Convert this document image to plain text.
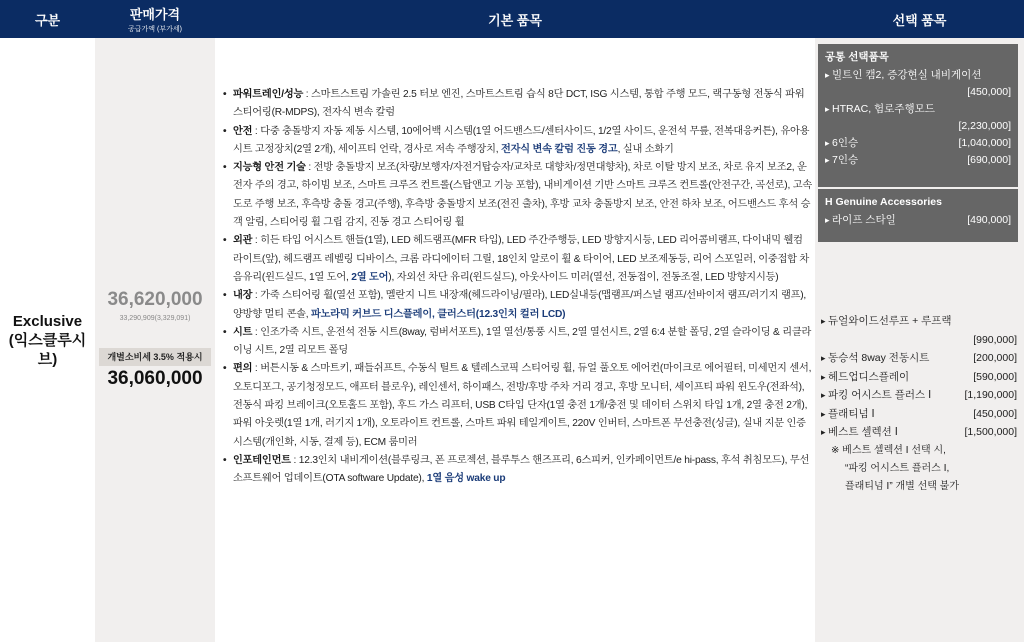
구분	판매가격
공급가액 (부가세)
기본 품목	선택 품목
Exclusive
(익스클루시브)
36,620,000
33,290,909(3,329,091)
개별소비세 3.5% 적용시
36,060,000
• 파워트레인/성능 : 스마트스트림 가솔린 2.5 터보 엔진, 스마트스트림 습식 8단 DCT, ISG 시스템, 통합 주행 모드, 랙구동형 전동식 파워 스티어링(R-MDPS), 전자식 변속 칼럼
• 안전 : 다중 충돌방지 자동 제동 시스템, 10에어백 시스템(1열 어드밴스드/센터사이드, 1/2열 사이드, 운전석 무릎, 전복대응커튼), 유아용 시트 고정장치(2열 2개), 세이프티 언락, 경사로 저속 주행장치, 전자식 변속 칼럼 진동 경고, 실내 소화기
• 지능형 안전 기술 : 전방 충돌방지 보조(차량/보행자/자전거탑승자/교차로 대향차/정면대향차), 차로 이탈 방지 보조, 차로 유지 보조2, 운전자 주의 경고, 하이빔 보조, 스마트 크루즈 컨트롤(스탑앤고 기능 포함), 내비게이션 기반 스마트 크루즈 컨트롤(안전구간, 곡선로), 고속도로 주행 보조, 후측방 충돌 경고(주행), 후측방 충돌방지 보조(전진 출차), 후방 교차 충돌방지 보조, 안전 하차 보조, 어드밴스드 후석 승객 알림, 스티어링 휠 그립 감지, 진동 경고 스티어링 휠
• 외관 : 히든 타입 어시스트 핸들(1열), LED 헤드램프(MFR 타입), LED 주간주행등, LED 방향지시등, LED 리어콤비램프, 다이내믹 웰컴 라이트(앞), 헤드램프 레벨링 디바이스, 크롬 라디에이터 그릴, 18인치 알로이 휠 & 타이어, LED 보조제동등, 리어 스포일러, 이중접합 차음유리(윈드실드, 1열 도어, 2열 도어), 자외선 차단 유리(윈드실드), 아웃사이드 미러(열선, 전동접이, 전동조절, LED 방향지시등)
• 내장 : 가죽 스티어링 휠(열선 포함), 멜란지 니트 내장재(헤드라이닝/필라), LED실내등(맵램프/퍼스널 램프/선바이저 램프/러기지 램프), 양방향 멀티 콘솔, 파노라믹 커브드 디스플레이, 클러스터(12.3인치 컬러 LCD)
• 시트 : 인조가죽 시트, 운전석 전동 시트(8way, 럼버서포트), 1열 열선/통풍 시트, 2열 열선시트, 2열 6:4 분할 폴딩, 2열 슬라이딩 & 리클라이닝 시트, 2열 리모트 폴딩
• 편의 : 버튼시동 & 스마트키, 패들쉬프트, 수동식 틸트 & 텔레스코픽 스티어링 휠, 듀얼 풀오토 에어컨(마이크로 에어필터, 미세먼지 센서, 오토디포그, 공기청정모드, 애프터 블로우), 레인센서, 하이패스, 전방/후방 주차 거리 경고, 후방 모니터, 세이프티 파워 윈도우(전좌석), 전동식 파킹 브레이크(오토홀드 포함), 후드 가스 리프터, USB C타입 단자(1열 충전 1개/충전 및 데이터 스위치 타입 1개, 2열 충전 2개), 파워 아웃렛(1열 1개, 러기지 1개), 오토라이트 컨트롤, 스마트 파워 테일게이트, 220V 인버터, 스마트폰 무선충전(싱글), 실내 지문 인증 시스템(개인화, 시동, 결제 등), ECM 룸미러
• 인포테인먼트 : 12.3인치 내비게이션(블루링크, 폰 프로젝션, 블루투스 핸즈프리, 6스피커, 인카페이먼트/e hi-pass, 후석 취침모드), 무선 소프트웨어 업데이트(OTA software Update), 1열 음성 wake up
공통 선택품목
▸ 빌트인 캠2, 증강현실 내비게이션
[450,000]
▸ HTRAC, 험로주행모드
[2,230,000]
▸ 6인승	[1,040,000]
▸ 7인승	[690,000]
H Genuine Accessories
▸ 라이프 스타일	[490,000]
▸ 듀얼와이드선루프 + 루프랙
[990,000]
▸ 동승석 8way 전동시트	[200,000]
▸ 헤드업디스플레이	[590,000]
▸ 파킹 어시스트 플러스 Ⅰ	[1,190,000]
▸ 플래티넘 Ⅰ	[450,000]
▸ 베스트 셀렉션 Ⅰ	[1,500,000]
※ 베스트 셀렉션 Ⅰ 선택 시,
“파킹 어시스트 플러스 Ⅰ,
플래티넘 Ⅰ” 개별 선택 불가
